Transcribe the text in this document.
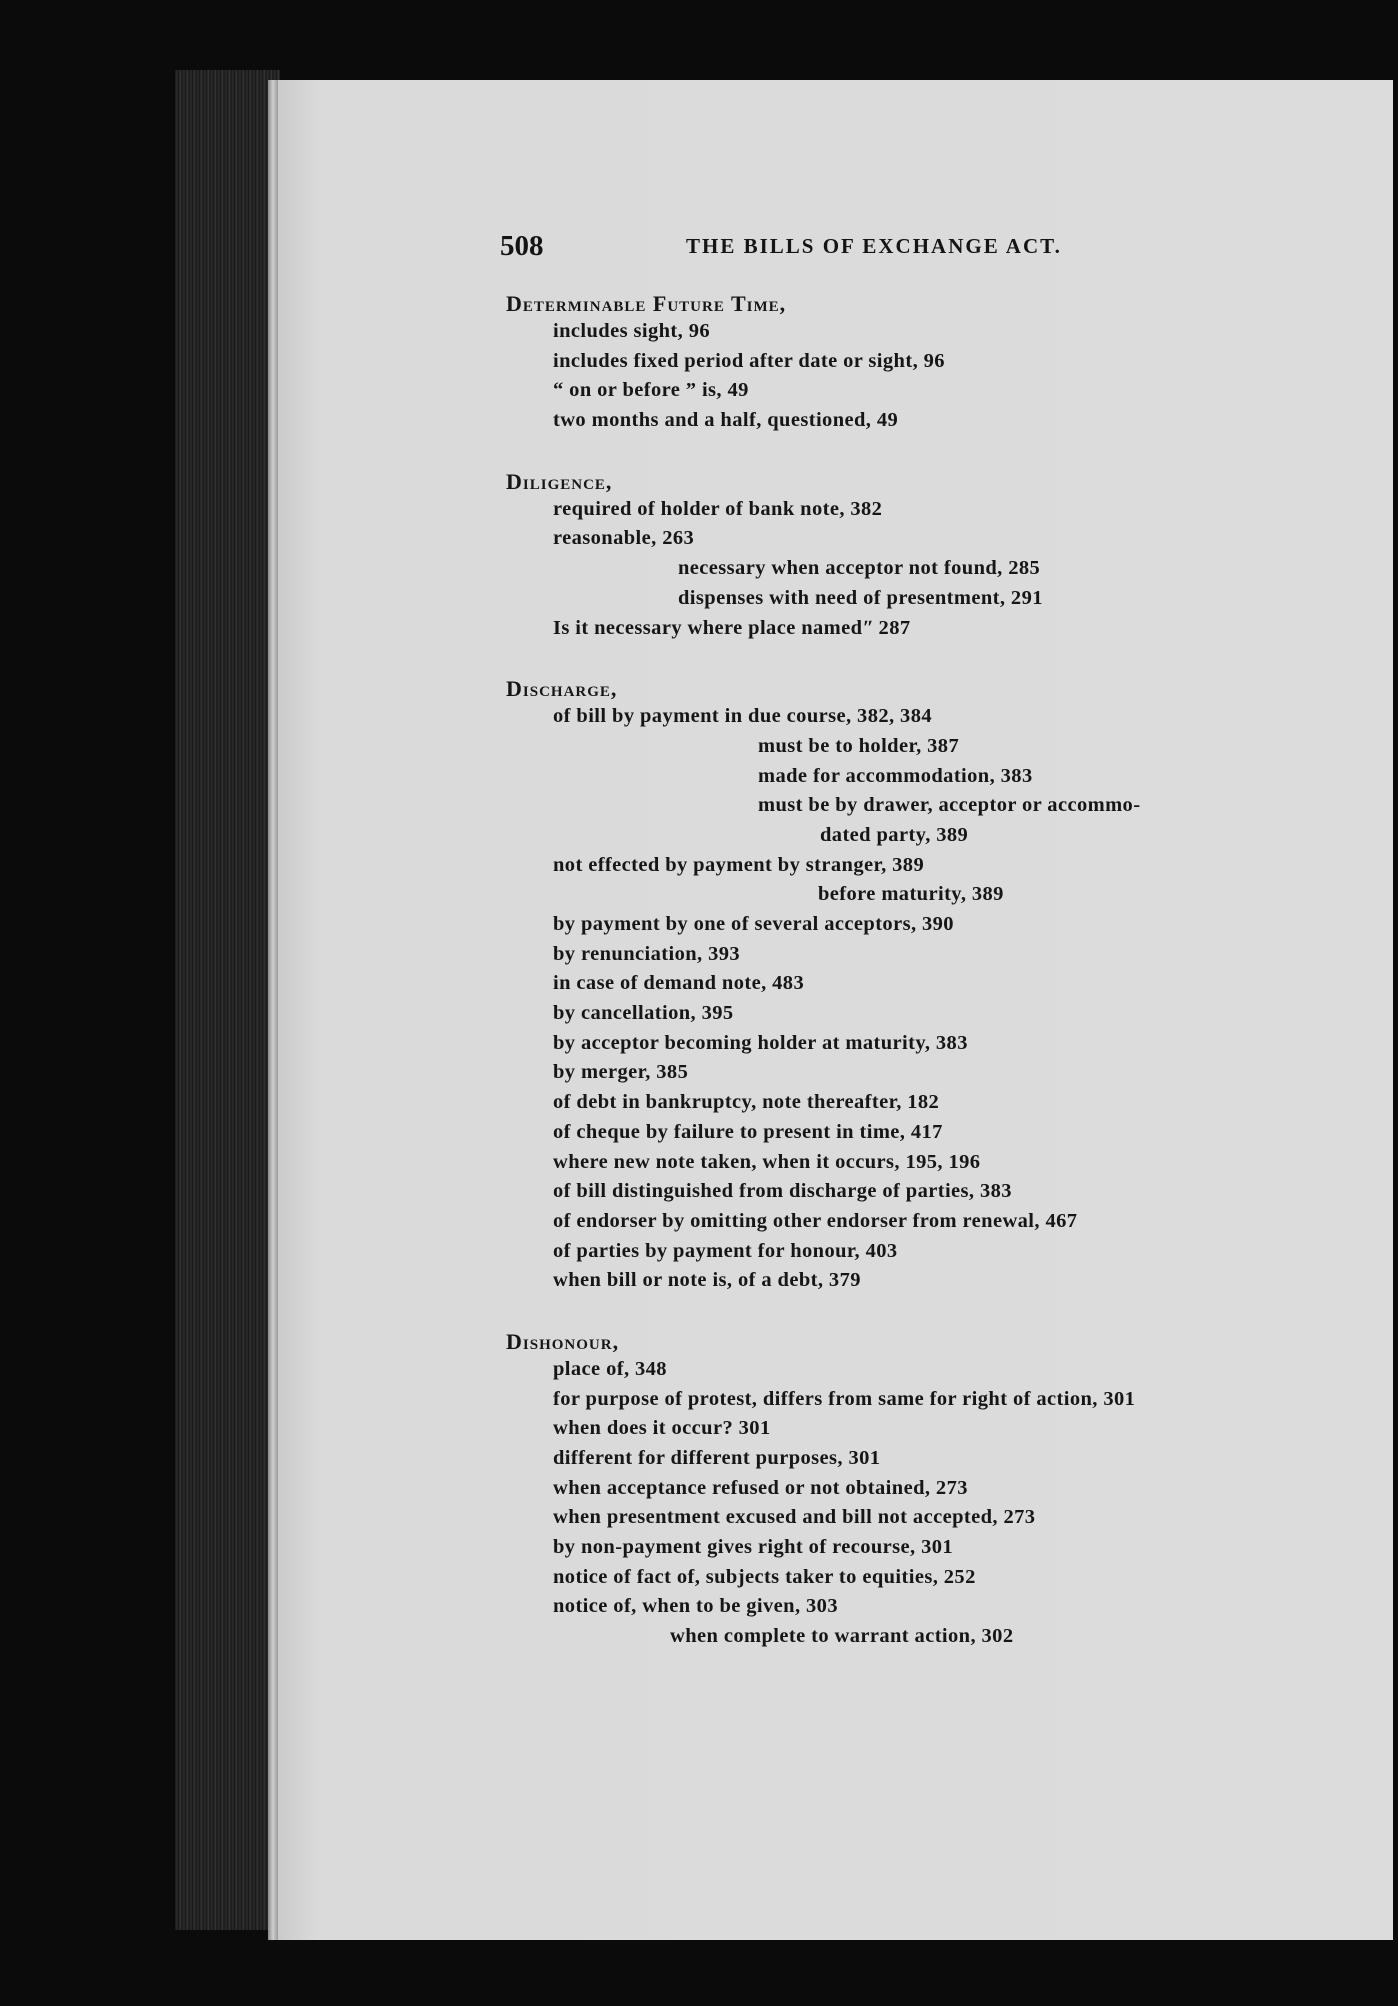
508	THE BILLS OF EXCHANGE ACT.
Determinable Future Time,
includes sight, 96
includes fixed period after date or sight, 96
“ on or before ” is, 49
two months and a half, questioned, 49
Diligence,
required of holder of bank note, 382
reasonable, 263
necessary when acceptor not found, 285
dispenses with need of presentment, 291
Is it necessary where place namedʺ 287
Discharge,
of bill by payment in due course, 382, 384
must be to holder, 387
made for accommodation, 383
must be by drawer, acceptor or accommo-
dated party, 389
not effected by payment by stranger, 389
before maturity, 389
by payment by one of several acceptors, 390
by renunciation, 393
in case of demand note, 483
by cancellation, 395
by acceptor becoming holder at maturity, 383
by merger, 385
of debt in bankruptcy, note thereafter, 182
of cheque by failure to present in time, 417
where new note taken, when it occurs, 195, 196
of bill distinguished from discharge of parties, 383
of endorser by omitting other endorser from renewal, 467
of parties by payment for honour, 403
when bill or note is, of a debt, 379
Dishonour,
place of, 348
for purpose of protest, differs from same for right of action, 301
when does it occur? 301
different for different purposes, 301
when acceptance refused or not obtained, 273
when presentment excused and bill not accepted, 273
by non-payment gives right of recourse, 301
notice of fact of, subjects taker to equities, 252
notice of, when to be given, 303
when complete to warrant action, 302
